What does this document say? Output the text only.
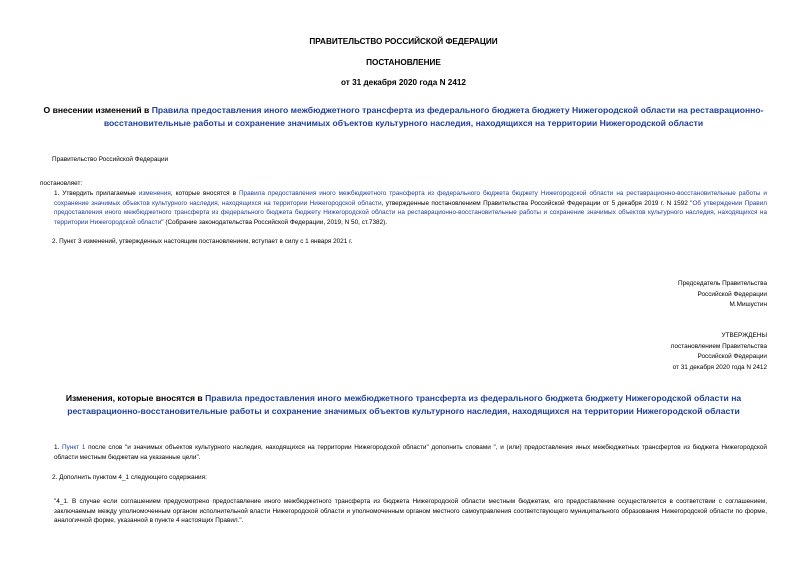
ПРАВИТЕЛЬСТВО РОССИЙСКОЙ ФЕДЕРАЦИИ
ПОСТАНОВЛЕНИЕ
от 31 декабря 2020 года N 2412
О внесении изменений в Правила предоставления иного межбюджетного трансферта из федерального бюджета бюджету Нижегородской области на реставрационно-восстановительные работы и сохранение значимых объектов культурного наследия, находящихся на территории Нижегородской области
Правительство Российской Федерации
постановляет:
1. Утвердить прилагаемые изменения, которые вносятся в Правила предоставления иного межбюджетного трансферта из федерального бюджета бюджету Нижегородской области на реставрационно-восстановительные работы и сохранение значимых объектов культурного наследия, находящихся на территории Нижегородской области, утвержденные постановлением Правительства Российской Федерации от 5 декабря 2019 г. N 1592 "Об утверждении Правил предоставления иного межбюджетного трансферта из федерального бюджета бюджету Нижегородской области на реставрационно-восстановительные работы и сохранение значимых объектов культурного наследия, находящихся на территории Нижегородской области" (Собрание законодательства Российской Федерации, 2019, N 50, ст.7382).
2. Пункт 3 изменений, утвержденных настоящим постановлением, вступает в силу с 1 января 2021 г.
Председатель Правительства
Российской Федерации
М.Мишустин
УТВЕРЖДЕНЫ
постановлением Правительства
Российской Федерации
от 31 декабря 2020 года N 2412
Изменения, которые вносятся в Правила предоставления иного межбюджетного трансферта из федерального бюджета бюджету Нижегородской области на реставрационно-восстановительные работы и сохранение значимых объектов культурного наследия, находящихся на территории Нижегородской области
1. Пункт 1 после слов "и значимых объектов культурного наследия, находящихся на территории Нижегородской области" дополнить словами ", и (или) предоставления иных межбюджетных трансфертов из бюджета Нижегородской области местным бюджетам на указанные цели".
2. Дополнить пунктом 4_1 следующего содержания:
"4_1. В случае если соглашением предусмотрено предоставление иного межбюджетного трансферта из бюджета Нижегородской области местным бюджетам, его предоставление осуществляется в соответствии с соглашением, заключаемым между уполномоченным органом исполнительной власти Нижегородской области и уполномоченным органом местного самоуправления соответствующего муниципального образования Нижегородской области по форме, аналогичной форме, указанной в пункте 4 настоящих Правил.".
